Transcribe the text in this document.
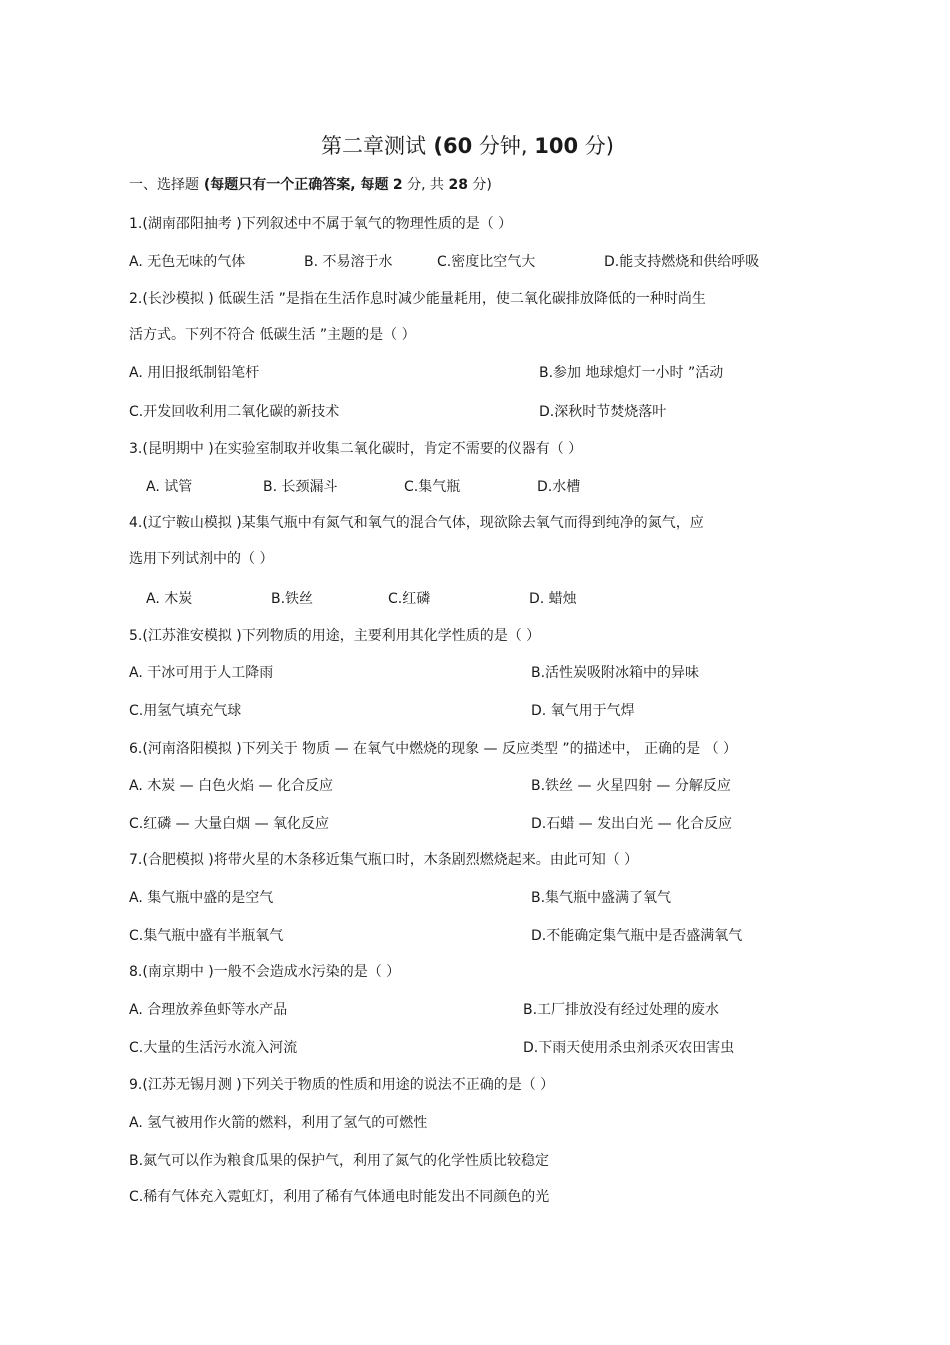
第二章测试 (60 分钟, 100 分)
一、选择题 (每题只有一个正确答案, 每题 2 分, 共 28 分)
1.(湖南邵阳抽考 )下列叙述中不属于氧气的物理性质的是（ ）
A. 无色无味的气体	B. 不易溶于水	C.密度比空气大	D.能支持燃烧和供给呼吸
2.(长沙模拟 ) 低碳生活 ”是指在生活作息时减少能量耗用，使二氧化碳排放降低的一种时尚生
活方式。下列不符合 低碳生活 ”主题的是（ ）
A. 用旧报纸制铅笔杆	B.参加 地球熄灯一小时 ”活动
C.开发回收利用二氧化碳的新技术	D.深秋时节焚烧落叶
3.(昆明期中 )在实验室制取并收集二氧化碳时，肯定不需要的仪器有（ ）
A. 试管	B. 长颈漏斗	C.集气瓶	D.水槽
4.(辽宁鞍山模拟 )某集气瓶中有氮气和氧气的混合气体，现欲除去氧气而得到纯净的氮气，应
选用下列试剂中的（ ）
A. 木炭	B.铁丝	C.红磷	D. 蜡烛
5.(江苏淮安模拟 )下列物质的用途，主要利用其化学性质的是（ ）
A. 干冰可用于人工降雨	B.活性炭吸附冰箱中的异味
C.用氢气填充气球	D. 氧气用于气焊
6.(河南洛阳模拟 )下列关于 物质 — 在氧气中燃烧的现象 — 反应类型 ”的描述中， 正确的是 （ ）
A. 木炭 — 白色火焰 — 化合反应	B.铁丝 — 火星四射 — 分解反应
C.红磷 — 大量白烟 — 氧化反应	D.石蜡 — 发出白光 — 化合反应
7.(合肥模拟 )将带火星的木条移近集气瓶口时，木条剧烈燃烧起来。由此可知（ ）
A. 集气瓶中盛的是空气	B.集气瓶中盛满了氧气
C.集气瓶中盛有半瓶氧气	D.不能确定集气瓶中是否盛满氧气
8.(南京期中 )一般不会造成水污染的是（ ）
A. 合理放养鱼虾等水产品	B.工厂排放没有经过处理的废水
C.大量的生活污水流入河流	D.下雨天使用杀虫剂杀灭农田害虫
9.(江苏无锡月测 )下列关于物质的性质和用途的说法不正确的是（ ）
A. 氢气被用作火箭的燃料，利用了氢气的可燃性
B.氮气可以作为粮食瓜果的保护气，利用了氮气的化学性质比较稳定
C.稀有气体充入霓虹灯，利用了稀有气体通电时能发出不同颜色的光
